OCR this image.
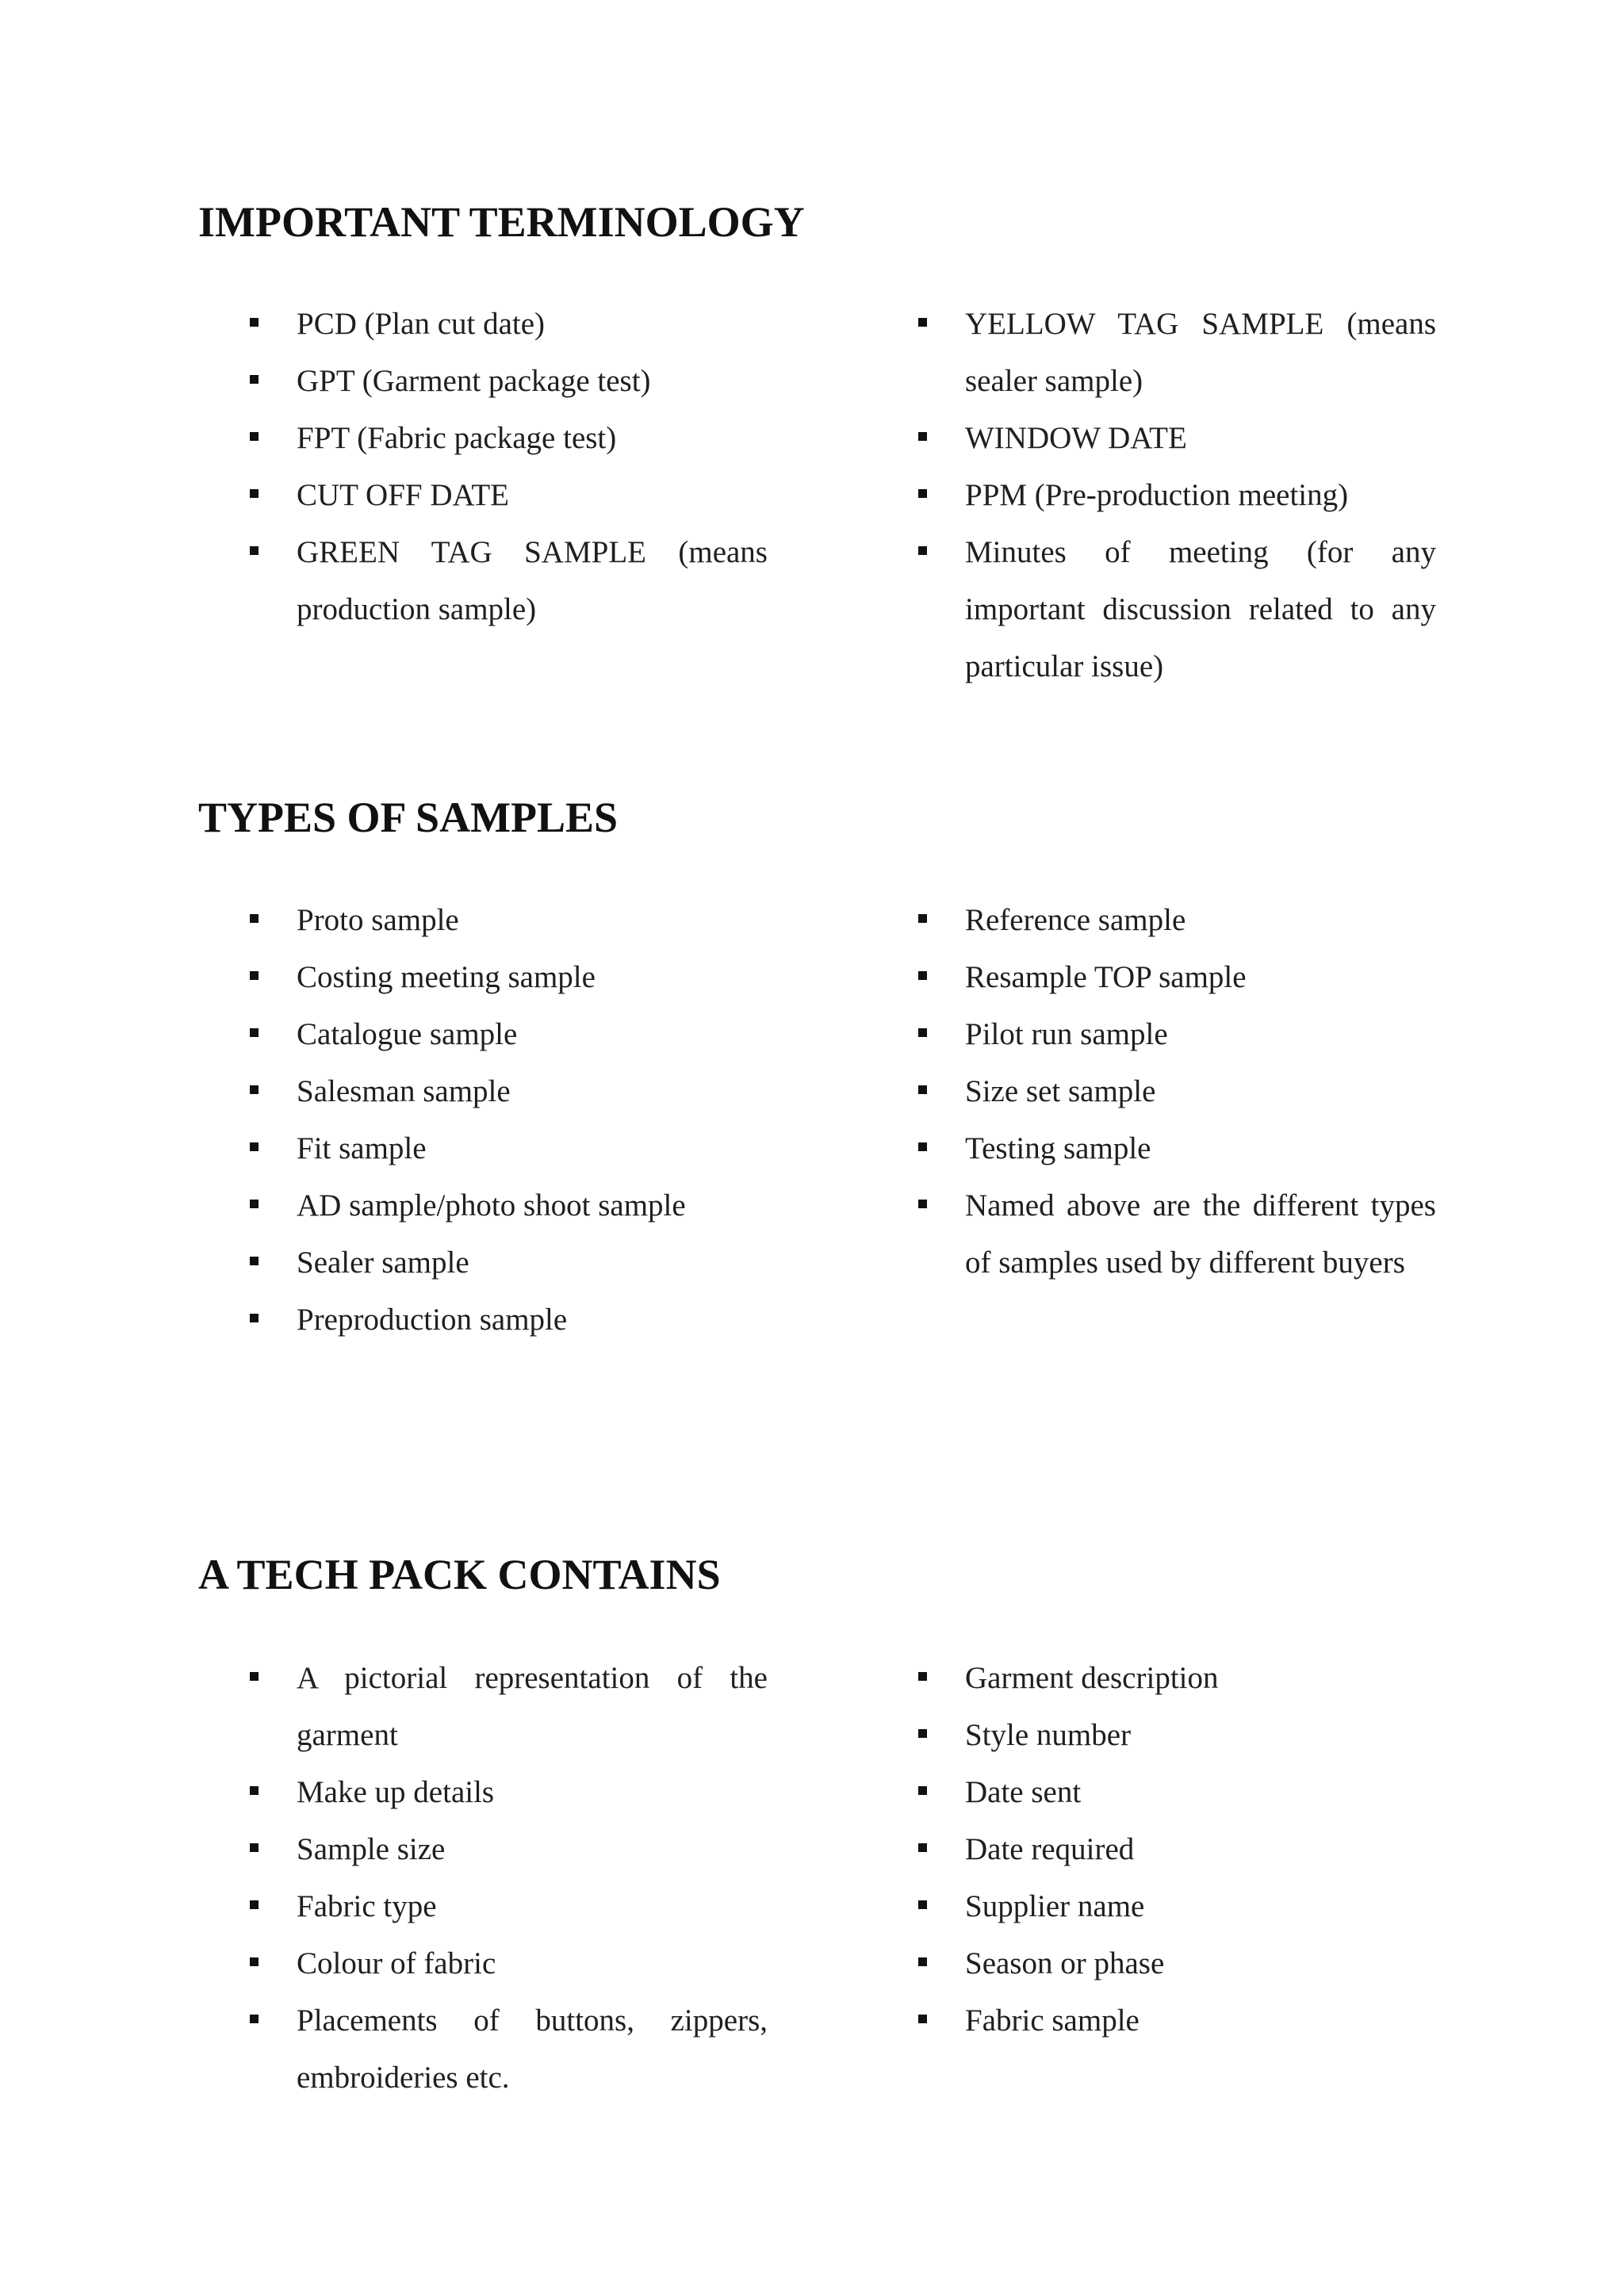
IMPORTANT TERMINOLOGY
PCD (Plan cut date)
GPT (Garment package test)
FPT (Fabric package test)
CUT OFF DATE
GREEN TAG SAMPLE (means production sample)
YELLOW TAG SAMPLE (means sealer sample)
WINDOW DATE
PPM (Pre-production meeting)
Minutes of meeting (for any important discussion related to any particular issue)
TYPES OF SAMPLES
Proto sample
Costing meeting sample
Catalogue sample
Salesman sample
Fit sample
AD sample/photo shoot sample
Sealer sample
Preproduction sample
Reference sample
Resample TOP sample
Pilot run sample
Size set sample
Testing sample
Named above are the different types of samples used by different buyers
A TECH PACK CONTAINS
A pictorial representation of the garment
Make up details
Sample size
Fabric type
Colour of fabric
Placements of buttons, zippers, embroideries etc.
Garment description
Style number
Date sent
Date required
Supplier name
Season or phase
Fabric sample
